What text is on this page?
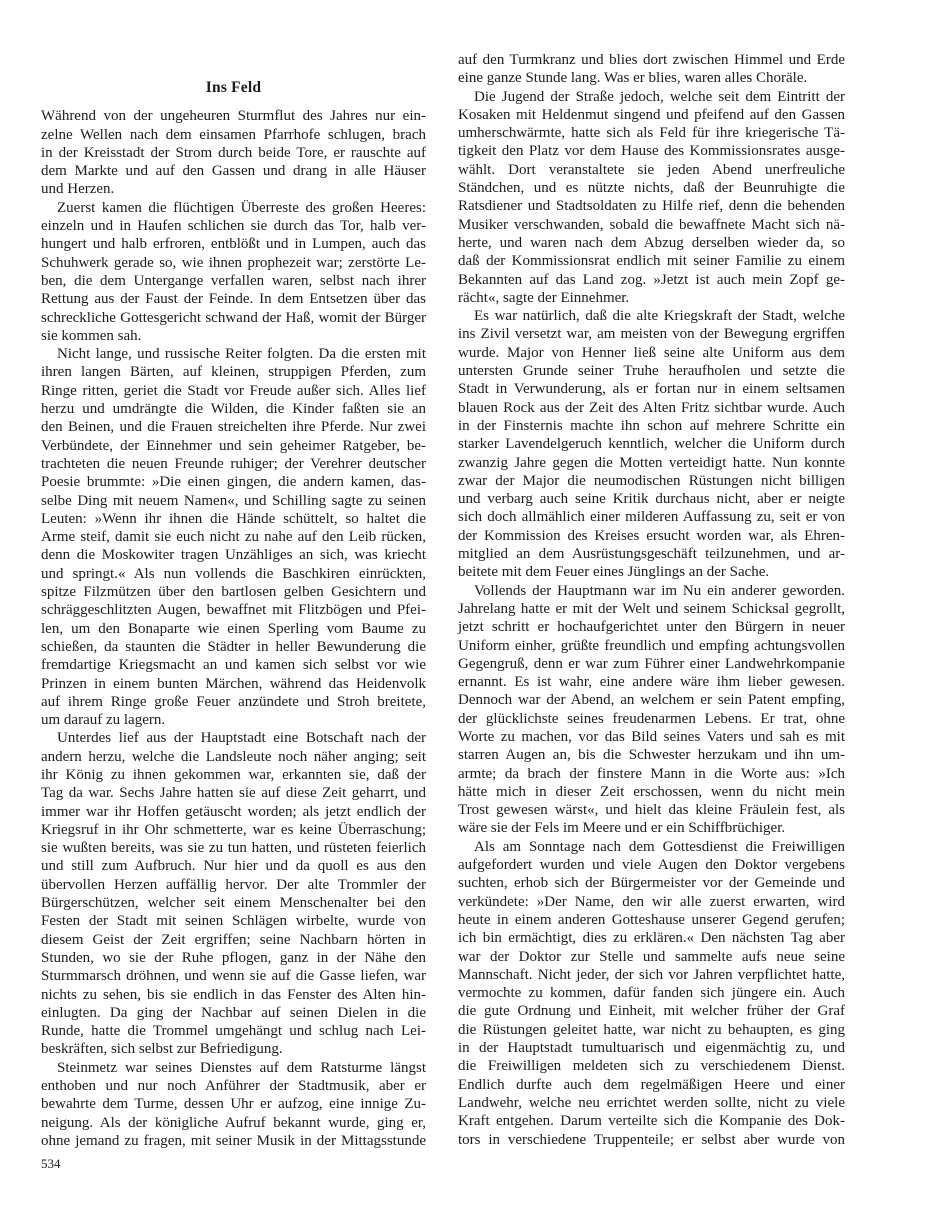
Ins Feld
Während von der ungeheuren Sturmflut des Jahres nur ein-
zelne Wellen nach dem einsamen Pfarrhofe schlugen, brach
in der Kreisstadt der Strom durch beide Tore, er rauschte auf
dem Markte und auf den Gassen und drang in alle Häuser
und Herzen.
Zuerst kamen die flüchtigen Überreste des großen Heeres:
einzeln und in Haufen schlichen sie durch das Tor, halb ver-
hungert und halb erfroren, entblößt und in Lumpen, auch das
Schuhwerk gerade so, wie ihnen prophezeit war; zerstörte Le-
ben, die dem Untergange verfallen waren, selbst nach ihrer
Rettung aus der Faust der Feinde. In dem Entsetzen über das
schreckliche Gottesgericht schwand der Haß, womit der Bürger
sie kommen sah.
Nicht lange, und russische Reiter folgten. Da die ersten mit
ihren langen Bärten, auf kleinen, struppigen Pferden, zum
Ringe ritten, geriet die Stadt vor Freude außer sich. Alles lief
herzu und umdrängte die Wilden, die Kinder faßten sie an
den Beinen, und die Frauen streichelten ihre Pferde. Nur zwei
Verbündete, der Einnehmer und sein geheimer Ratgeber, be-
trachteten die neuen Freunde ruhiger; der Verehrer deutscher
Poesie brummte: »Die einen gingen, die andern kamen, das-
selbe Ding mit neuem Namen«, und Schilling sagte zu seinen
Leuten: »Wenn ihr ihnen die Hände schüttelt, so haltet die
Arme steif, damit sie euch nicht zu nahe auf den Leib rücken,
denn die Moskowiter tragen Unzähliges an sich, was kriecht
und springt.« Als nun vollends die Baschkiren einrückten,
spitze Filzmützen über den bartlosen gelben Gesichtern und
schräggeschlitzten Augen, bewaffnet mit Flitzbögen und Pfei-
len, um den Bonaparte wie einen Sperling vom Baume zu
schießen, da staunten die Städter in heller Bewunderung die
fremdartige Kriegsmacht an und kamen sich selbst vor wie
Prinzen in einem bunten Märchen, während das Heidenvolk
auf ihrem Ringe große Feuer anzündete und Stroh breitete,
um darauf zu lagern.
Unterdes lief aus der Hauptstadt eine Botschaft nach der
andern herzu, welche die Landsleute noch näher anging; seit
ihr König zu ihnen gekommen war, erkannten sie, daß der
Tag da war. Sechs Jahre hatten sie auf diese Zeit geharrt, und
immer war ihr Hoffen getäuscht worden; als jetzt endlich der
Kriegsruf in ihr Ohr schmetterte, war es keine Überraschung;
sie wußten bereits, was sie zu tun hatten, und rüsteten feierlich
und still zum Aufbruch. Nur hier und da quoll es aus den
übervollen Herzen auffällig hervor. Der alte Trommler der
Bürgerschützen, welcher seit einem Menschenalter bei den
Festen der Stadt mit seinen Schlägen wirbelte, wurde von
diesem Geist der Zeit ergriffen; seine Nachbarn hörten in
Stunden, wo sie der Ruhe pflogen, ganz in der Nähe den
Sturmmarsch dröhnen, und wenn sie auf die Gasse liefen, war
nichts zu sehen, bis sie endlich in das Fenster des Alten hin-
einlugten. Da ging der Nachbar auf seinen Dielen in die
Runde, hatte die Trommel umgehängt und schlug nach Lei-
beskräften, sich selbst zur Befriedigung.
Steinmetz war seines Dienstes auf dem Ratsturme längst
enthoben und nur noch Anführer der Stadtmusik, aber er
bewahrte dem Turme, dessen Uhr er aufzog, eine innige Zu-
neigung. Als der königliche Aufruf bekannt wurde, ging er,
ohne jemand zu fragen, mit seiner Musik in der Mittagsstunde
auf den Turmkranz und blies dort zwischen Himmel und Erde
eine ganze Stunde lang. Was er blies, waren alles Choräle.
Die Jugend der Straße jedoch, welche seit dem Eintritt der
Kosaken mit Heldenmut singend und pfeifend auf den Gassen
umherschwärmte, hatte sich als Feld für ihre kriegerische Tä-
tigkeit den Platz vor dem Hause des Kommissionsrates ausge-
wählt. Dort veranstaltete sie jeden Abend unerfreuliche
Ständchen, und es nützte nichts, daß der Beunruhigte die
Ratsdiener und Stadtsoldaten zu Hilfe rief, denn die behenden
Musiker verschwanden, sobald die bewaffnete Macht sich nä-
herte, und waren nach dem Abzug derselben wieder da, so
daß der Kommissionsrat endlich mit seiner Familie zu einem
Bekannten auf das Land zog. »Jetzt ist auch mein Zopf ge-
rächt«, sagte der Einnehmer.
Es war natürlich, daß die alte Kriegskraft der Stadt, welche
ins Zivil versetzt war, am meisten von der Bewegung ergriffen
wurde. Major von Henner ließ seine alte Uniform aus dem
untersten Grunde seiner Truhe heraufholen und setzte die
Stadt in Verwunderung, als er fortan nur in einem seltsamen
blauen Rock aus der Zeit des Alten Fritz sichtbar wurde. Auch
in der Finsternis machte ihn schon auf mehrere Schritte ein
starker Lavendelgeruch kenntlich, welcher die Uniform durch
zwanzig Jahre gegen die Motten verteidigt hatte. Nun konnte
zwar der Major die neumodischen Rüstungen nicht billigen
und verbarg auch seine Kritik durchaus nicht, aber er neigte
sich doch allmählich einer milderen Auffassung zu, seit er von
der Kommission des Kreises ersucht worden war, als Ehren-
mitglied an dem Ausrüstungsgeschäft teilzunehmen, und ar-
beitete mit dem Feuer eines Jünglings an der Sache.
Vollends der Hauptmann war im Nu ein anderer geworden.
Jahrelang hatte er mit der Welt und seinem Schicksal gegrollt,
jetzt schritt er hochaufgerichtet unter den Bürgern in neuer
Uniform einher, grüßte freundlich und empfing achtungsvollen
Gegengruß, denn er war zum Führer einer Landwehrkompanie
ernannt. Es ist wahr, eine andere wäre ihm lieber gewesen.
Dennoch war der Abend, an welchem er sein Patent empfing,
der glücklichste seines freudenarmen Lebens. Er trat, ohne
Worte zu machen, vor das Bild seines Vaters und sah es mit
starren Augen an, bis die Schwester herzukam und ihn um-
armte; da brach der finstere Mann in die Worte aus: »Ich
hätte mich in dieser Zeit erschossen, wenn du nicht mein
Trost gewesen wärst«, und hielt das kleine Fräulein fest, als
wäre sie der Fels im Meere und er ein Schiffbrüchiger.
Als am Sonntage nach dem Gottesdienst die Freiwilligen
aufgefordert wurden und viele Augen den Doktor vergebens
suchten, erhob sich der Bürgermeister vor der Gemeinde und
verkündete: »Der Name, den wir alle zuerst erwarten, wird
heute in einem anderen Gotteshause unserer Gegend gerufen;
ich bin ermächtigt, dies zu erklären.« Den nächsten Tag aber
war der Doktor zur Stelle und sammelte aufs neue seine
Mannschaft. Nicht jeder, der sich vor Jahren verpflichtet hatte,
vermochte zu kommen, dafür fanden sich jüngere ein. Auch
die gute Ordnung und Einheit, mit welcher früher der Graf
die Rüstungen geleitet hatte, war nicht zu behaupten, es ging
in der Hauptstadt tumultuarisch und eigenmächtig zu, und
die Freiwilligen meldeten sich zu verschiedenem Dienst.
Endlich durfte auch dem regelmäßigen Heere und einer
Landwehr, welche neu errichtet werden sollte, nicht zu viele
Kraft entgehen. Darum verteilte sich die Kompanie des Dok-
tors in verschiedene Truppenteile; er selbst aber wurde von
534
